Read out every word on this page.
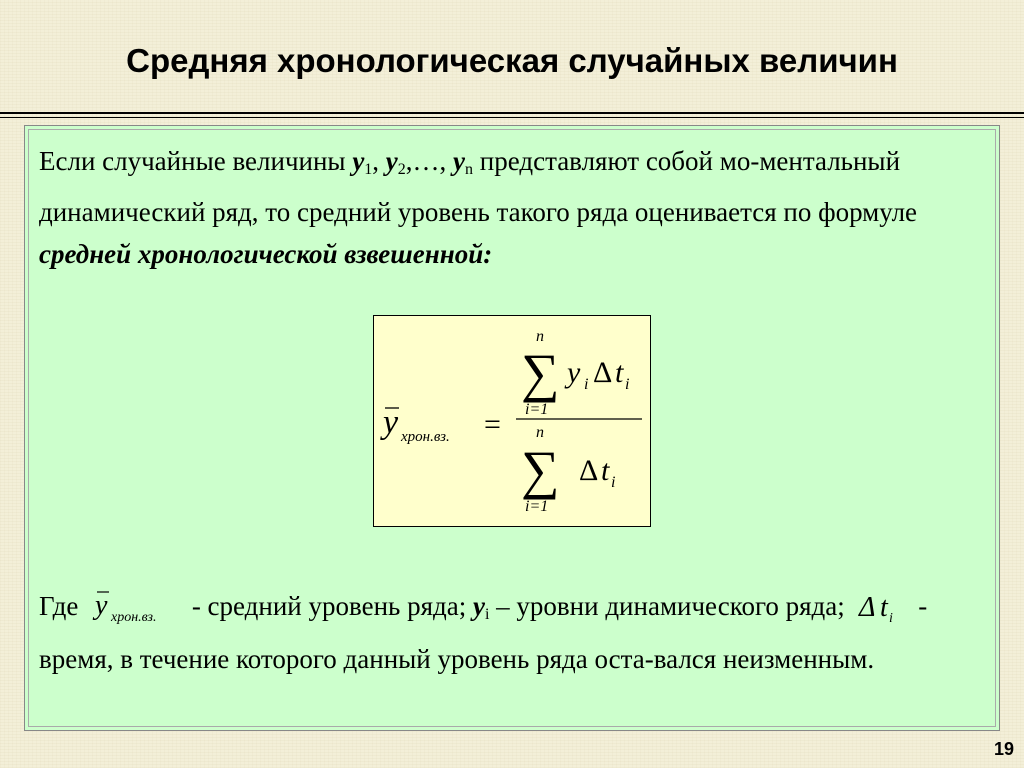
Средняя хронологическая случайных величин
Если случайные величины $y_1$, $y_2,\dots$, $y_n$ представляют собой мо-ментальный динамический ряд, то средний уровень такого ряда оценивается по формуле средней хронологической взвешенной:
y хрон.вз. =
n
∑
i=1
y i Δ t i
n
∑
i=1
Δ t i
Где y хрон.вз. - средний уровень ряда; $y_i$ – уровни динамического ряда; Δ t i - время, в течение которого данный уровень ряда оста-вался неизменным.
19
